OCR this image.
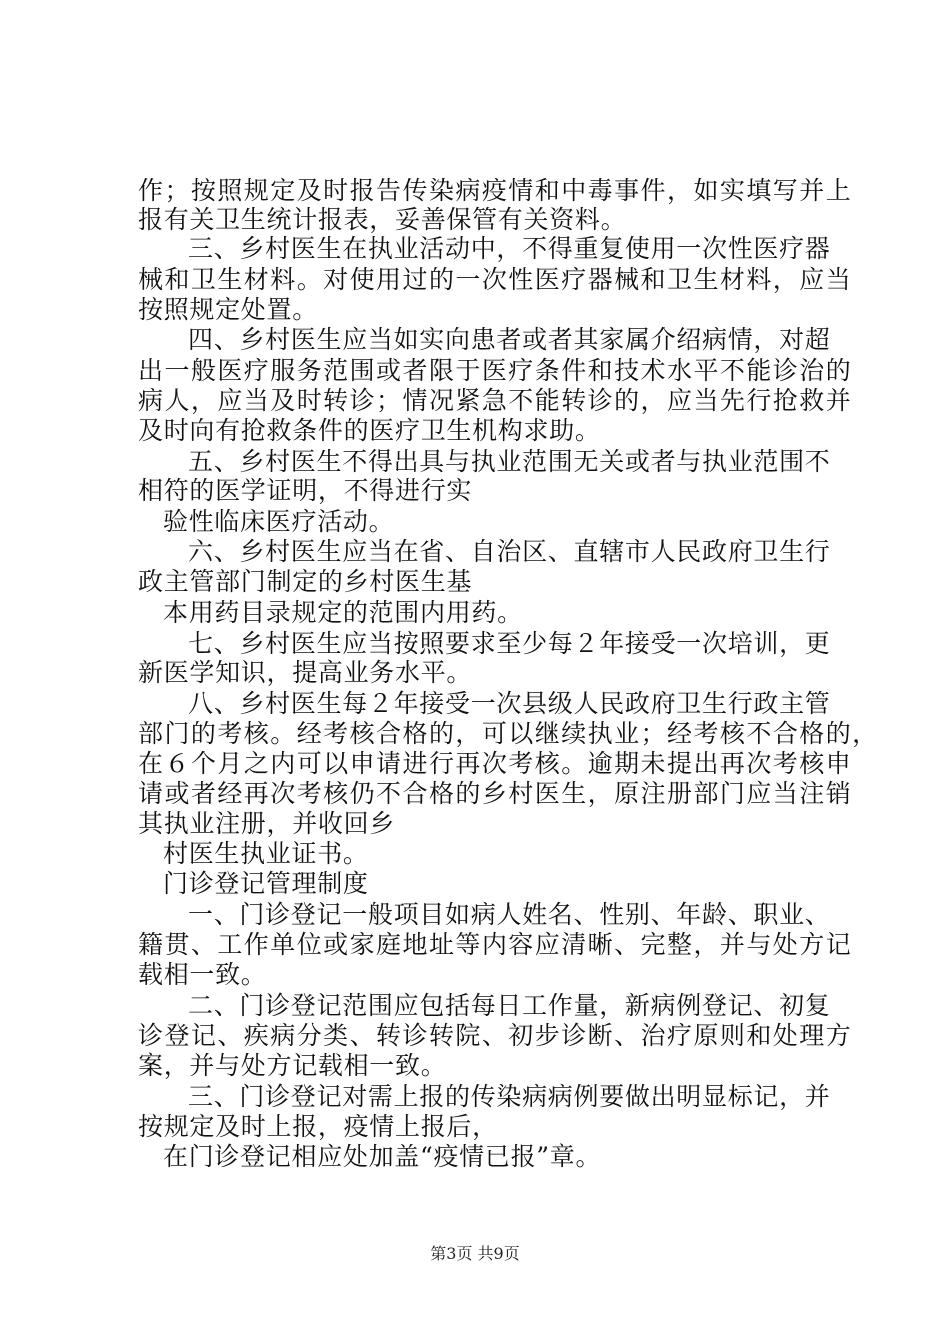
作；按照规定及时报告传染病疫情和中毒事件，如实填写并上
报有关卫生统计报表，妥善保管有关资料。
三、乡村医生在执业活动中，不得重复使用一次性医疗器
械和卫生材料。对使用过的一次性医疗器械和卫生材料，应当
按照规定处置。
四、乡村医生应当如实向患者或者其家属介绍病情，对超
出一般医疗服务范围或者限于医疗条件和技术水平不能诊治的
病人，应当及时转诊；情况紧急不能转诊的，应当先行抢救并
及时向有抢救条件的医疗卫生机构求助。
五、乡村医生不得出具与执业范围无关或者与执业范围不
相符的医学证明，不得进行实
验性临床医疗活动。
六、乡村医生应当在省、自治区、直辖市人民政府卫生行
政主管部门制定的乡村医生基
本用药目录规定的范围内用药。
七、乡村医生应当按照要求至少每２年接受一次培训，更
新医学知识，提高业务水平。
八、乡村医生每２年接受一次县级人民政府卫生行政主管
部门的考核。经考核合格的，可以继续执业；经考核不合格的，
在６个月之内可以申请进行再次考核。逾期未提出再次考核申
请或者经再次考核仍不合格的乡村医生，原注册部门应当注销
其执业注册，并收回乡
村医生执业证书。
门诊登记管理制度
一、门诊登记一般项目如病人姓名、性别、年龄、职业、
籍贯、工作单位或家庭地址等内容应清晰、完整，并与处方记
载相一致。
二、门诊登记范围应包括每日工作量，新病例登记、初复
诊登记、疾病分类、转诊转院、初步诊断、治疗原则和处理方
案，并与处方记载相一致。
三、门诊登记对需上报的传染病病例要做出明显标记，并
按规定及时上报，疫情上报后，
在门诊登记相应处加盖“疫情已报”章。
第3页 共9页
